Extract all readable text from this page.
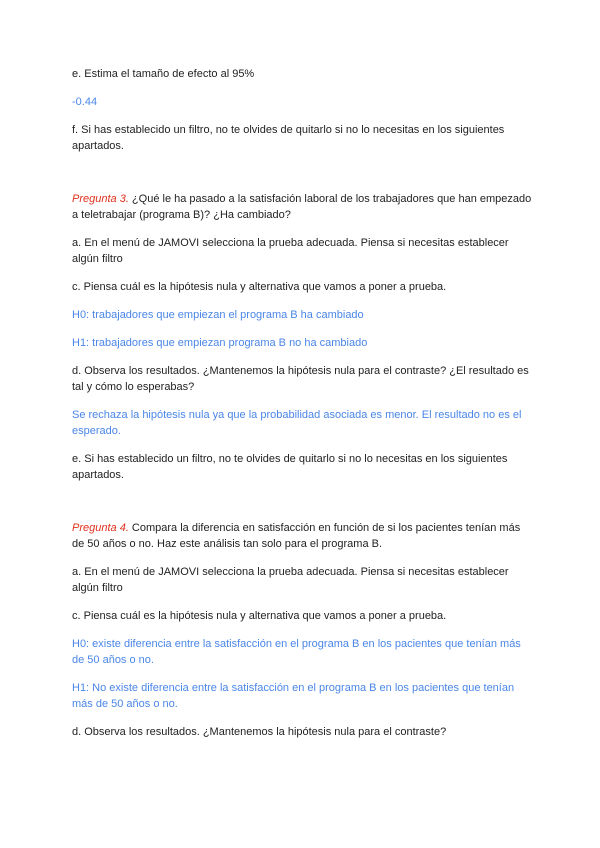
e. Estima el tamaño de efecto al 95%

-0.44

f. Si has establecido un filtro, no te olvides de quitarlo si no lo necesitas en los siguientes apartados.

Pregunta 3. ¿Qué le ha pasado a la satisfación laboral de los trabajadores que han empezado a teletrabajar (programa B)? ¿Ha cambiado?

a. En el menú de JAMOVI selecciona la prueba adecuada. Piensa si necesitas establecer algún filtro

c. Piensa cuál es la hipótesis nula y alternativa que vamos a poner a prueba.

H0: trabajadores que empiezan el programa B ha cambiado

H1: trabajadores que empiezan programa B no ha cambiado

d. Observa los resultados. ¿Mantenemos la hipótesis nula para el contraste? ¿El resultado es tal y cómo lo esperabas?

Se rechaza la hipótesis nula ya que la probabilidad asociada es menor. El resultado no es el esperado.

e. Si has establecido un filtro, no te olvides de quitarlo si no lo necesitas en los siguientes apartados.

Pregunta 4. Compara la diferencia en satisfacción en función de si los pacientes tenían más de 50 años o no. Haz este análisis tan solo para el programa B.

a. En el menú de JAMOVI selecciona la prueba adecuada. Piensa si necesitas establecer algún filtro

c. Piensa cuál es la hipótesis nula y alternativa que vamos a poner a prueba.

H0: existe diferencia entre la satisfacción en el programa B en los pacientes que tenían más de 50 años o no.

H1: No existe diferencia entre la satisfacción en el programa B en los pacientes que tenían más de 50 años o no.

d. Observa los resultados. ¿Mantenemos la hipótesis nula para el contraste?
